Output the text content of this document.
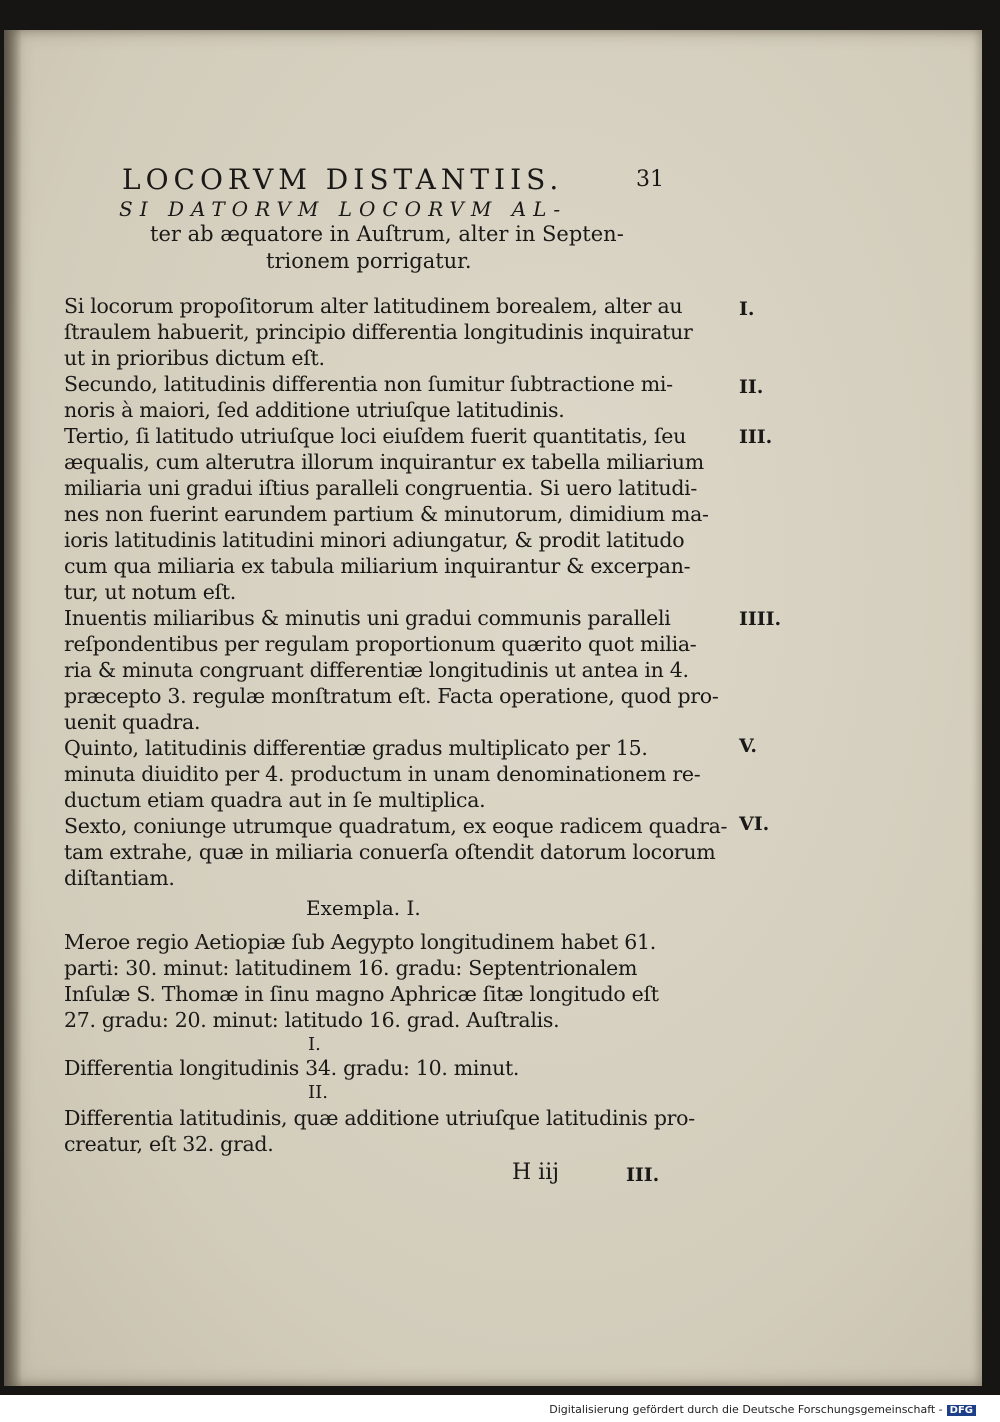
LOCORVM DISTANTIIS.	31
SI DATORVM LOCORVM AL-
ter ab æquatore in Auſtrum, alter in Septen-
trionem porrigatur.
Si locorum propoſitorum alter latitudinem borealem, alter au
ſtraulem habuerit, principio differentia longitudinis inquiratur
ut in prioribus dictum eſt.
Secundo, latitudinis differentia non ſumitur ſubtractione mi-
noris à maiori, ſed additione utriuſque latitudinis.
Tertio, ſi latitudo utriuſque loci eiuſdem fuerit quantitatis, ſeu
æqualis, cum alterutra illorum inquirantur ex tabella miliarium
miliaria uni gradui iſtius paralleli congruentia. Si uero latitudi-
nes non fuerint earundem partium & minutorum, dimidium ma-
ioris latitudinis latitudini minori adiungatur, & prodit latitudo
cum qua miliaria ex tabula miliarium inquirantur & excerpan-
tur, ut notum eſt.
Inuentis miliaribus & minutis uni gradui communis paralleli
reſpondentibus per regulam proportionum quærito quot milia-
ria & minuta congruant differentiæ longitudinis ut antea in 4.
præcepto 3. regulæ monſtratum eſt. Facta operatione, quod pro-
uenit quadra.
Quinto, latitudinis differentiæ gradus multiplicato per 15.
minuta diuidito per 4. productum in unam denominationem re-
ductum etiam quadra aut in ſe multiplica.
Sexto, coniunge utrumque quadratum, ex eoque radicem quadra-
tam extrahe, quæ in miliaria conuerſa oſtendit datorum locorum
diſtantiam.
I.
II.
III.
IIII.
V.
VI.
Exempla. I.
Meroe regio Aetiopiæ ſub Aegypto longitudinem habet 61.
parti: 30. minut: latitudinem 16. gradu: Septentrionalem
Inſulæ S. Thomæ in ſinu magno Aphricæ ſitæ longitudo eſt
27. gradu: 20. minut: latitudo 16. grad. Auſtralis.
I.
Differentia longitudinis 34. gradu: 10. minut.
II.
Differentia latitudinis, quæ additione utriuſque latitudinis pro-
creatur, eſt 32. grad.
H iij	III.
Digitalisierung gefördert durch die Deutsche Forschungsgemeinschaft - DFG
